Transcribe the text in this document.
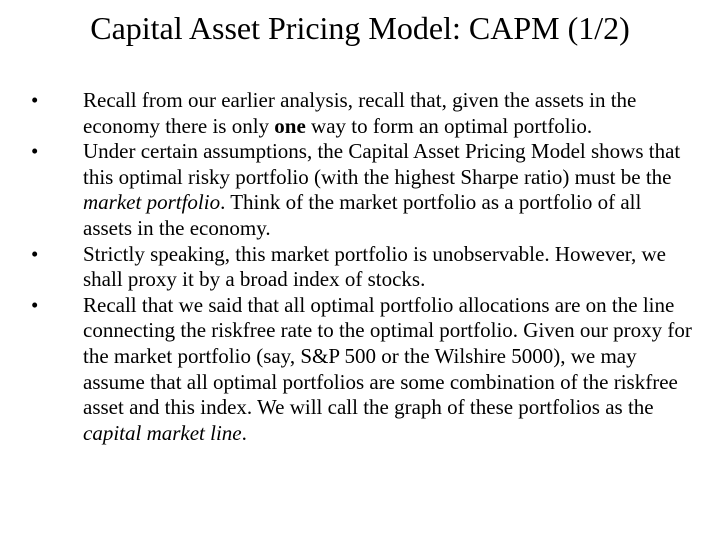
Capital Asset Pricing Model: CAPM (1/2)
•	Recall from our earlier analysis, recall that, given the assets in the economy there is only one way to form an optimal portfolio.
•	Under certain assumptions, the Capital Asset Pricing Model shows that this optimal risky portfolio (with the highest Sharpe ratio) must be the market portfolio. Think of the market portfolio as a portfolio of all assets in the economy.
•	Strictly speaking, this market portfolio is unobservable. However, we shall proxy it by a broad index of stocks.
•	Recall that we said that all optimal portfolio allocations are on the line connecting the riskfree rate to the optimal portfolio. Given our proxy for the market portfolio (say, S&P 500 or the Wilshire 5000), we may assume that all optimal portfolios are some combination of the riskfree asset and this index. We will call the graph of these portfolios as the capital market line.
